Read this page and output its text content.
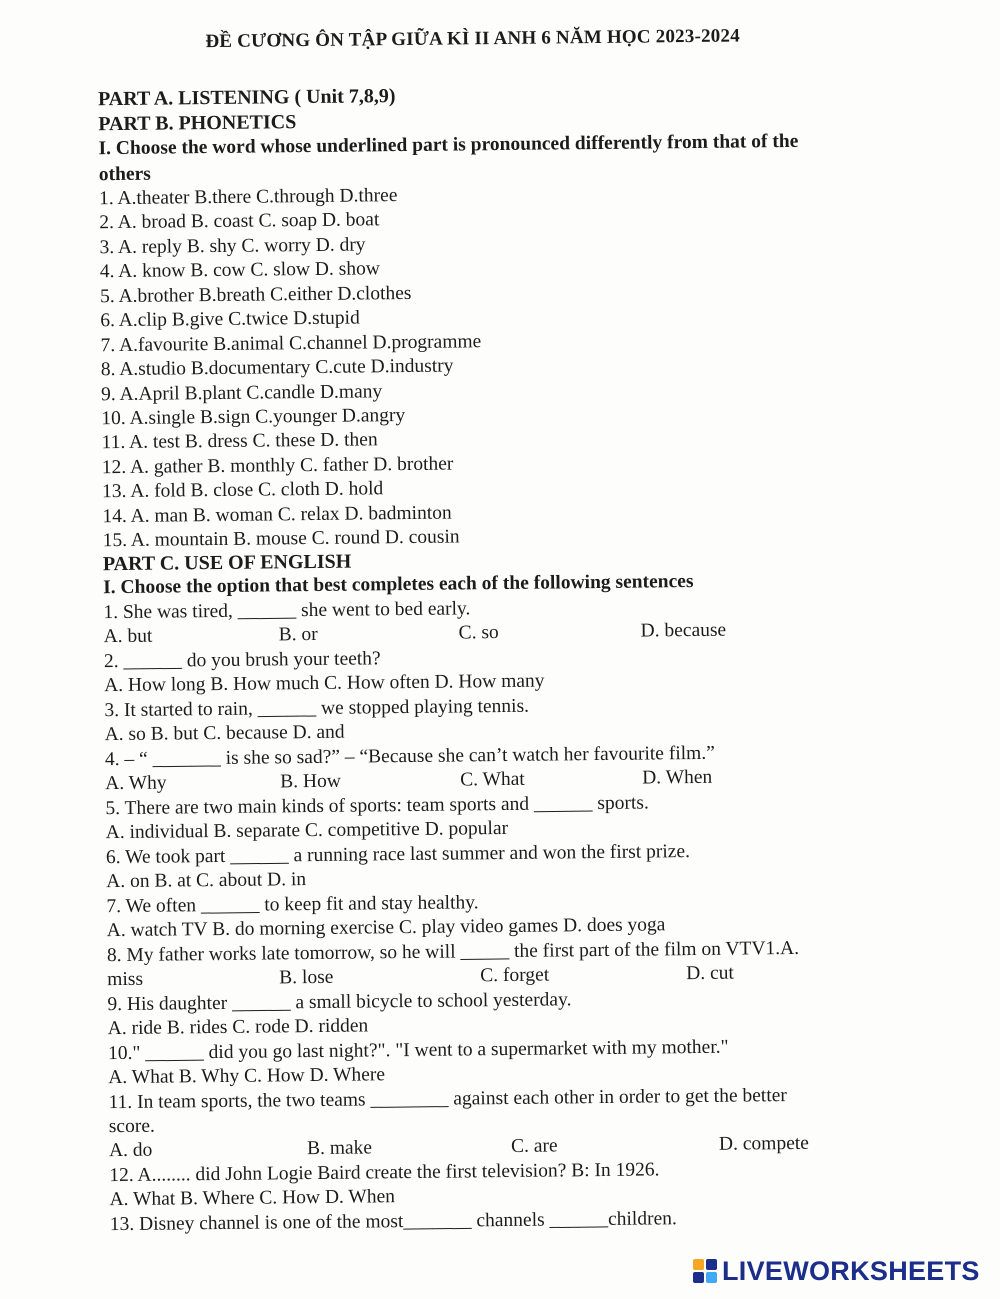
ĐỀ CƯƠNG ÔN TẬP GIỮA KÌ II ANH 6 NĂM HỌC 2023-2024
PART A. LISTENING ( Unit 7,8,9)
PART B. PHONETICS
I. Choose the word whose underlined part is pronounced differently from that of the
others
1. A.theater B.there C.through D.three
2. A. broad B. coast C. soap D. boat
3. A. reply B. shy C. worry D. dry
4. A. know B. cow C. slow D. show
5. A.brother B.breath C.either D.clothes
6. A.clip B.give C.twice D.stupid
7. A.favourite B.animal C.channel D.programme
8. A.studio B.documentary C.cute D.industry
9. A.April B.plant C.candle D.many
10. A.single B.sign C.younger D.angry
11. A. test B. dress C. these D. then
12. A. gather B. monthly C. father D. brother
13. A. fold B. close C. cloth D. hold
14. A. man B. woman C. relax D. badminton
15. A. mountain B. mouse C. round D. cousin
PART C. USE OF ENGLISH
I. Choose the option that best completes each of the following sentences
1. She was tired, ______ she went to bed early.
A. but	B. or	C. so	D. because
2. ______ do you brush your teeth?
A. How long B. How much C. How often D. How many
3. It started to rain, ______ we stopped playing tennis.
A. so B. but C. because D. and
4. – “ _______ is she so sad?” – “Because she can’t watch her favourite film.”
A. Why	B. How	C. What	D. When
5. There are two main kinds of sports: team sports and ______ sports.
A. individual B. separate C. competitive D. popular
6. We took part ______ a running race last summer and won the first prize.
A. on B. at C. about D. in
7. We often ______ to keep fit and stay healthy.
A. watch TV B. do morning exercise C. play video games D. does yoga
8. My father works late tomorrow, so he will _____ the first part of the film on VTV1.A.
miss	B. lose	C. forget	D. cut
9. His daughter ______ a small bicycle to school yesterday.
A. ride B. rides C. rode D. ridden
10." ______ did you go last night?". "I went to a supermarket with my mother."
A. What B. Why C. How D. Where
11. In team sports, the two teams ________ against each other in order to get the better
score.
A. do	B. make	C. are	D. compete
12. A........ did John Logie Baird create the first television? B: In 1926.
A. What B. Where C. How D. When
13. Disney channel is one of the most_______ channels ______children.
LIVEWORKSHEETS
